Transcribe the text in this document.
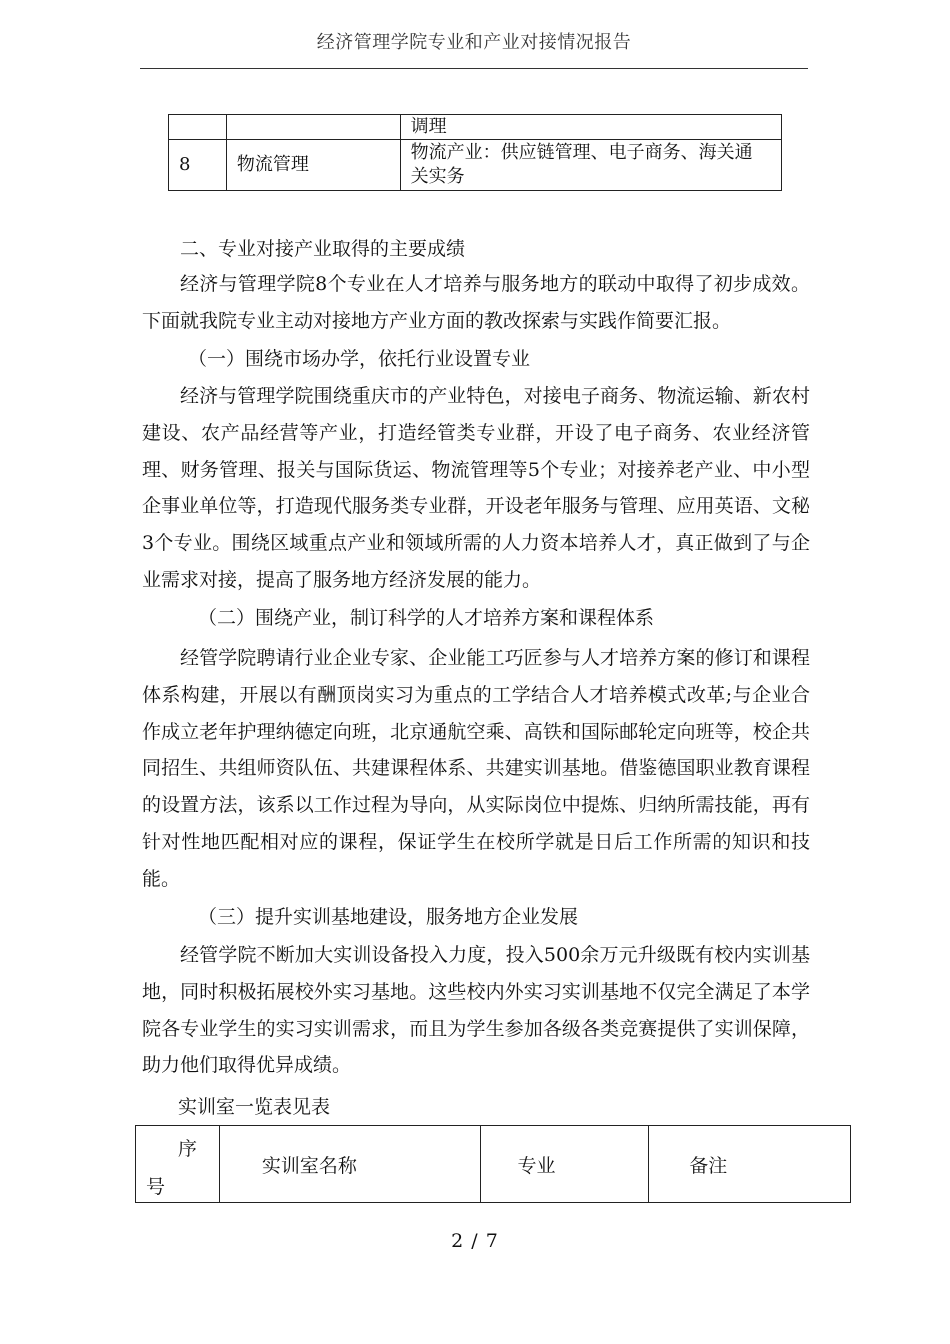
经济管理学院专业和产业对接情况报告
		调理
8	物流管理	物流产业：供应链管理、电子商务、海关通
关实务
二、专业对接产业取得的主要成绩

经济与管理学院8个专业在人才培养与服务地方的联动中取得了初步成效。下面就我院专业主动对接地方产业方面的教改探索与实践作简要汇报。

（一）围绕市场办学，依托行业设置专业

经济与管理学院围绕重庆市的产业特色，对接电子商务、物流运输、新农村建设、农产品经营等产业，打造经管类专业群，开设了电子商务、农业经济管理、财务管理、报关与国际货运、物流管理等5个专业；对接养老产业、中小型企事业单位等，打造现代服务类专业群，开设老年服务与管理、应用英语、文秘 3个专业。围绕区域重点产业和领域所需的人力资本培养人才，真正做到了与企业需求对接，提高了服务地方经济发展的能力。

（二）围绕产业，制订科学的人才培养方案和课程体系

经管学院聘请行业企业专家、企业能工巧匠参与人才培养方案的修订和课程体系构建，开展以有酬顶岗实习为重点的工学结合人才培养模式改革;与企业合作成立老年护理纳德定向班，北京通航空乘、高铁和国际邮轮定向班等，校企共同招生、共组师资队伍、共建课程体系、共建实训基地。借鉴德国职业教育课程的设置方法，该系以工作过程为导向，从实际岗位中提炼、归纳所需技能，再有针对性地匹配相对应的课程，保证学生在校所学就是日后工作所需的知识和技能。

（三）提升实训基地建设，服务地方企业发展

经管学院不断加大实训设备投入力度，投入500余万元升级既有校内实训基地，同时积极拓展校外实习基地。这些校内外实习实训基地不仅完全满足了本学院各专业学生的实习实训需求，而且为学生参加各级各类竞赛提供了实训保障，助力他们取得优异成绩。

实训室一览表见表
序
号
	实训室名称	专业	备注
2 / 7
